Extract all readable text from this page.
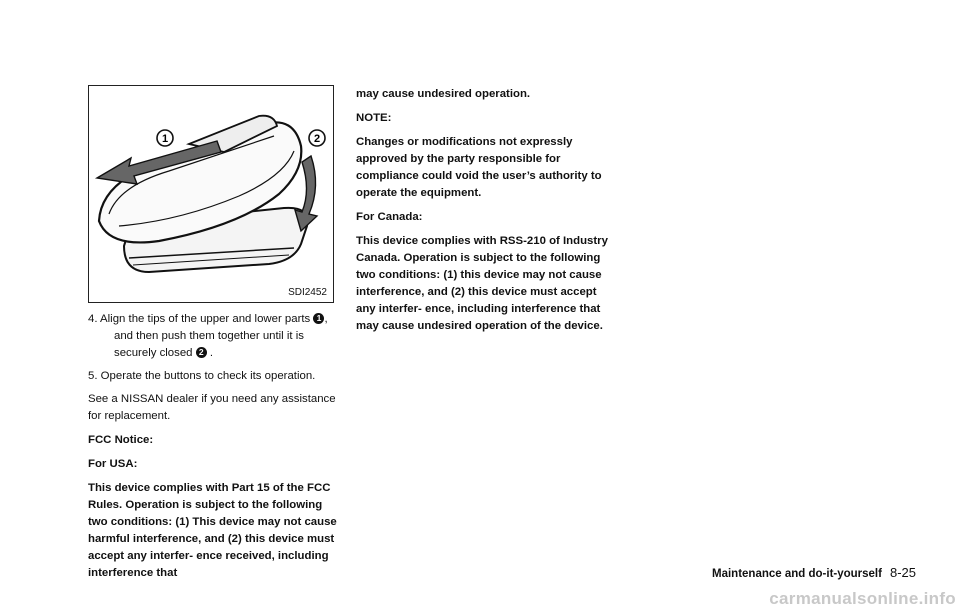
1	2
SDI2452

4. Align the tips of the upper and lower parts 1 , and then push them together until it is securely closed 2 .

5. Operate the buttons to check its operation.

See a NISSAN dealer if you need any assistance for replacement.

FCC Notice:

For USA:

This device complies with Part 15 of the FCC Rules. Operation is subject to the following two conditions: (1) This device may not cause harmful interference, and (2) this device must accept any interfer- ence received, including interference that

may cause undesired operation.

NOTE:

Changes or modifications not expressly approved by the party responsible for compliance could void the user’s authority to operate the equipment.

For Canada:

This device complies with RSS-210 of Industry Canada. Operation is subject to the following two conditions: (1) this device may not cause interference, and (2) this device must accept any interfer- ence, including interference that may cause undesired operation of the device.

Maintenance and do-it-yourself 8-25
carmanualsonline.info
